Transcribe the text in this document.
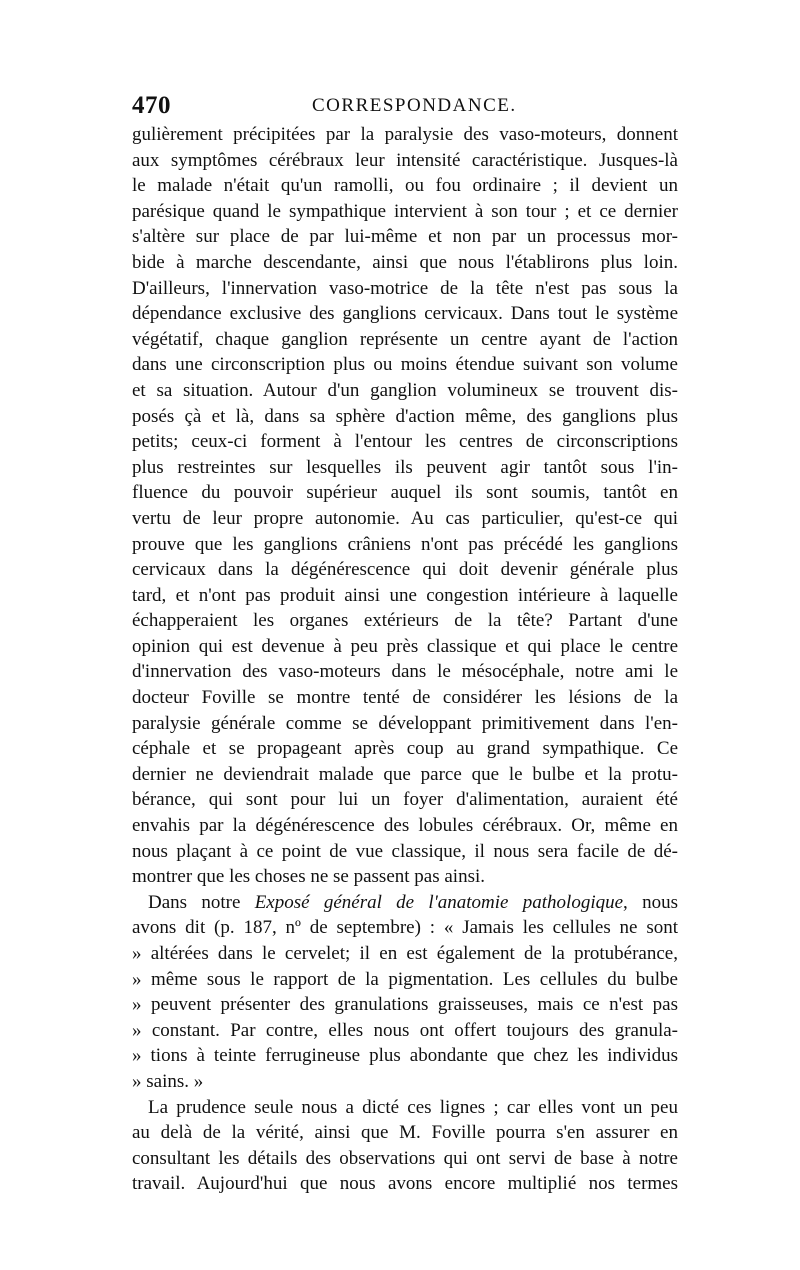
470	CORRESPONDANCE.
gulièrement précipitées par la paralysie des vaso-moteurs, donnent
aux symptômes cérébraux leur intensité caractéristique. Jusques-là
le malade n'était qu'un ramolli, ou fou ordinaire ; il devient un
parésique quand le sympathique intervient à son tour ; et ce dernier
s'altère sur place de par lui-même et non par un processus mor-
bide à marche descendante, ainsi que nous l'établirons plus loin.
D'ailleurs, l'innervation vaso-motrice de la tête n'est pas sous la
dépendance exclusive des ganglions cervicaux. Dans tout le système
végétatif, chaque ganglion représente un centre ayant de l'action
dans une circonscription plus ou moins étendue suivant son volume
et sa situation. Autour d'un ganglion volumineux se trouvent dis-
posés çà et là, dans sa sphère d'action même, des ganglions plus
petits; ceux-ci forment à l'entour les centres de circonscriptions
plus restreintes sur lesquelles ils peuvent agir tantôt sous l'in-
fluence du pouvoir supérieur auquel ils sont soumis, tantôt en
vertu de leur propre autonomie. Au cas particulier, qu'est-ce qui
prouve que les ganglions crâniens n'ont pas précédé les ganglions
cervicaux dans la dégénérescence qui doit devenir générale plus
tard, et n'ont pas produit ainsi une congestion intérieure à laquelle
échapperaient les organes extérieurs de la tête? Partant d'une
opinion qui est devenue à peu près classique et qui place le centre
d'innervation des vaso-moteurs dans le mésocéphale, notre ami le
docteur Foville se montre tenté de considérer les lésions de la
paralysie générale comme se développant primitivement dans l'en-
céphale et se propageant après coup au grand sympathique. Ce
dernier ne deviendrait malade que parce que le bulbe et la protu-
bérance, qui sont pour lui un foyer d'alimentation, auraient été
envahis par la dégénérescence des lobules cérébraux. Or, même en
nous plaçant à ce point de vue classique, il nous sera facile de dé-
montrer que les choses ne se passent pas ainsi.
Dans notre Exposé général de l'anatomie pathologique, nous
avons dit (p. 187, nº de septembre) : « Jamais les cellules ne sont
» altérées dans le cervelet; il en est également de la protubérance,
» même sous le rapport de la pigmentation. Les cellules du bulbe
» peuvent présenter des granulations graisseuses, mais ce n'est pas
» constant. Par contre, elles nous ont offert toujours des granula-
» tions à teinte ferrugineuse plus abondante que chez les individus
» sains. »
La prudence seule nous a dicté ces lignes ; car elles vont un peu
au delà de la vérité, ainsi que M. Foville pourra s'en assurer en
consultant les détails des observations qui ont servi de base à notre
travail. Aujourd'hui que nous avons encore multiplié nos termes
